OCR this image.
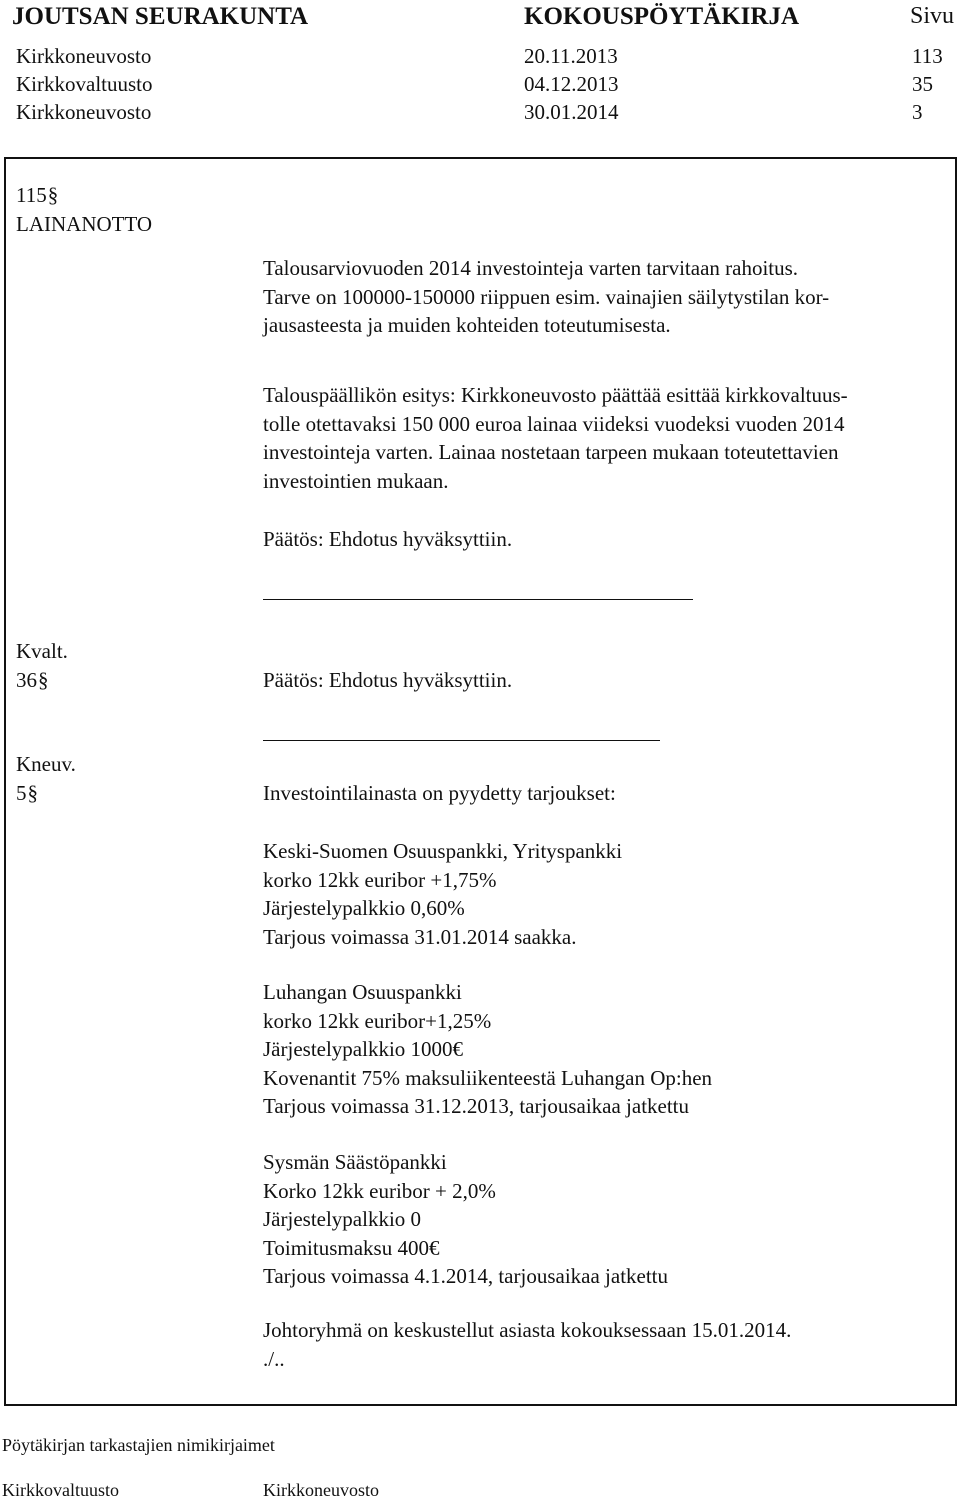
JOUTSAN SEURAKUNTA	KOKOUSPÖYTÄKIRJA	Sivu
Kirkkoneuvosto	20.11.2013	113
Kirkkovaltuusto	04.12.2013	35
Kirkkoneuvosto	30.01.2014	3
115§
LAINANOTTO
Talousarviovuoden 2014 investointeja varten tarvitaan rahoitus.
Tarve on 100000-150000 riippuen esim. vainajien säilytystilan kor-
jausasteesta ja muiden kohteiden toteutumisesta.
Talouspäällikön esitys: Kirkkoneuvosto päättää esittää kirkkovaltuus-
tolle otettavaksi 150 000 euroa lainaa viideksi vuodeksi vuoden 2014
investointeja varten. Lainaa nostetaan tarpeen mukaan toteutettavien
investointien mukaan.
Päätös: Ehdotus hyväksyttiin.
Kvalt.
36§	Päätös: Ehdotus hyväksyttiin.
Kneuv.
5§	Investointilainasta on pyydetty tarjoukset:
Keski-Suomen Osuuspankki, Yrityspankki
korko 12kk euribor +1,75%
Järjestelypalkkio 0,60%
Tarjous voimassa 31.01.2014 saakka.
Luhangan Osuuspankki
korko 12kk euribor+1,25%
Järjestelypalkkio 1000€
Kovenantit 75% maksuliikenteestä Luhangan Op:hen
Tarjous voimassa 31.12.2013, tarjousaikaa jatkettu
Sysmän Säästöpankki
Korko 12kk euribor + 2,0%
Järjestelypalkkio 0
Toimitusmaksu 400€
Tarjous voimassa 4.1.2014, tarjousaikaa jatkettu
Johtoryhmä on keskustellut asiasta kokouksessaan 15.01.2014.
./..
Pöytäkirjan tarkastajien nimikirjaimet
Kirkkovaltuusto	Kirkkoneuvosto
